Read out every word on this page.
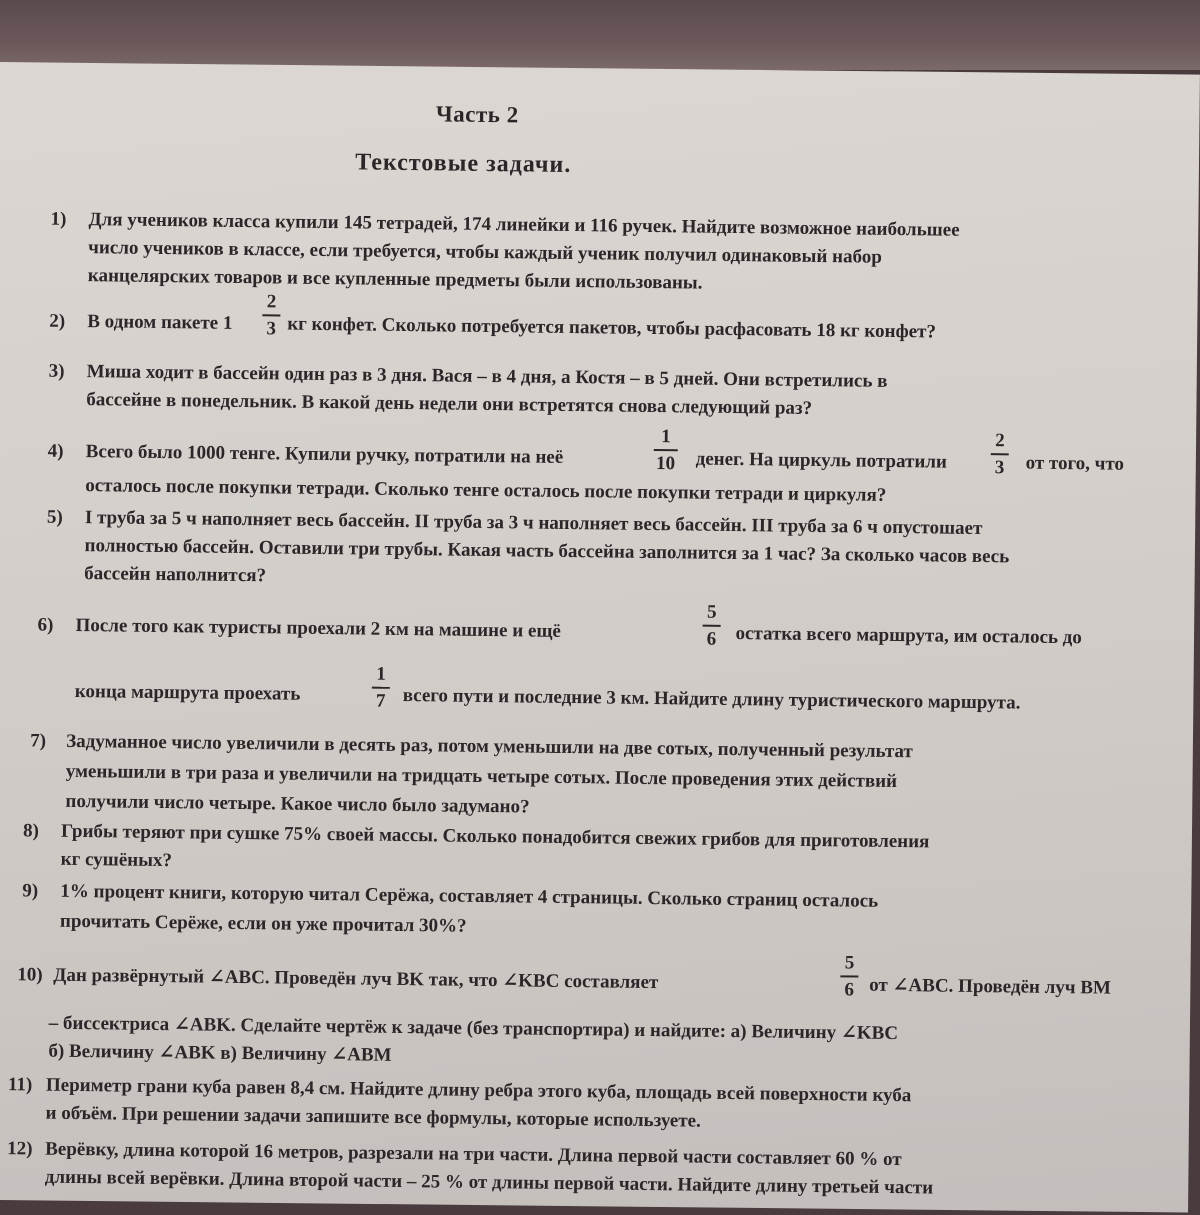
Часть 2
Текстовые задачи.
1) Для учеников класса купили 145 тетрадей, 174 линейки и 116 ручек. Найдите возможное наибольшее
число учеников в классе, если требуется, чтобы каждый ученик получил одинаковый набор
канцелярских товаров и все купленные предметы были использованы.
2) В одном пакете 1
2
3 кг конфет. Сколько потребуется пакетов, чтобы расфасовать 18 кг конфет?
3) Миша ходит в бассейн один раз в 3 дня. Вася – в 4 дня, а Костя – в 5 дней. Они встретились в
бассейне в понедельник. В какой день недели они встретятся снова следующий раз?
4) Всего было 1000 тенге. Купили ручку, потратили на неё
1
10 денег. На циркуль потратили
2
3	от того, что
осталось после покупки тетради. Сколько тенге осталось после покупки тетради и циркуля?
5) I труба за 5 ч наполняет весь бассейн. II труба за 3 ч наполняет весь бассейн. III труба за 6 ч опустошает
полностью бассейн. Оставили три трубы. Какая часть бассейна заполнится за 1 час? За сколько часов весь
бассейн наполнится?
6) После того как туристы проехали 2 км на машине и ещё
5
6	остатка всего маршрута, им осталось до
конца маршрута проехать
1
7 всего пути и последние 3 км. Найдите длину туристического маршрута.
7) Задуманное число увеличили в десять раз, потом уменьшили на две сотых, полученный результат
уменьшили в три раза и увеличили на тридцать четыре сотых. После проведения этих действий
получили число четыре. Какое число было задумано?
8) Грибы теряют при сушке 75% своей массы. Сколько понадобится свежих грибов для приготовления
кг сушёных?
9) 1% процент книги, которую читал Серёжа, составляет 4 страницы. Сколько страниц осталось
прочитать Серёже, если он уже прочитал 30%?
10) Дан развёрнутый ∠ABC. Проведён луч BK так, что ∠KBC составляет
5
6 от ∠ABC. Проведён луч BM
– биссектриса ∠ABK. Сделайте чертёж к задаче (без транспортира) и найдите: а) Величину ∠KBC
б) Величину ∠ABK в) Величину ∠ABM
11) Периметр грани куба равен 8,4 см. Найдите длину ребра этого куба, площадь всей поверхности куба
и объём. При решении задачи запишите все формулы, которые используете.
12) Верёвку, длина которой 16 метров, разрезали на три части. Длина первой части составляет 60 % от
длины всей верёвки. Длина второй части – 25 % от длины первой части. Найдите длину третьей части
